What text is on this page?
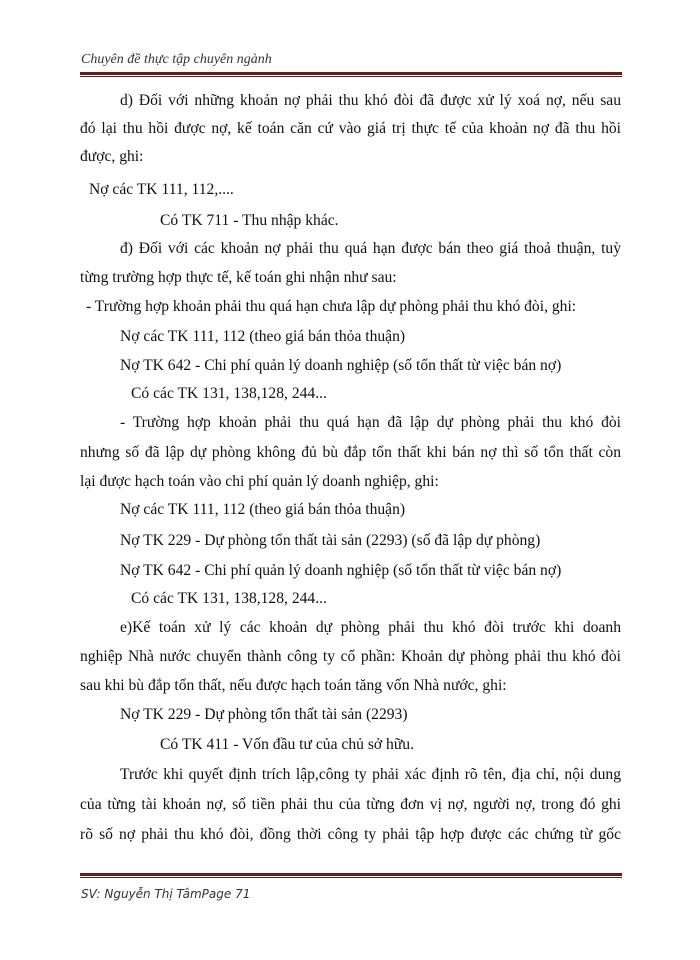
Chuyên đề thực tập chuyên ngành
d) Đối với những khoản nợ phải thu khó đòi đã được xử lý xoá nợ, nếu sau
đó lại thu hồi được nợ, kế toán căn cứ vào giá trị thực tế của khoản nợ đã thu hồi
được, ghi:
Nợ các TK 111, 112,....
Có TK 711 - Thu nhập khác.
đ) Đối với các khoản nợ phải thu quá hạn được bán theo giá thoả thuận, tuỳ
từng trường hợp thực tế, kế toán ghi nhận như sau:
- Trường hợp khoản phải thu quá hạn chưa lập dự phòng phải thu khó đòi, ghi:
Nợ các TK 111, 112 (theo giá bán thỏa thuận)
Nợ TK 642 - Chi phí quản lý doanh nghiệp (số tổn thất từ việc bán nợ)
Có các TK 131, 138,128, 244...
- Trường hợp khoản phải thu quá hạn đã lập dự phòng phải thu khó đòi
nhưng số đã lập dự phòng không đủ bù đắp tổn thất khi bán nợ thì số tổn thất còn
lại được hạch toán vào chi phí quản lý doanh nghiệp, ghi:
Nợ các TK 111, 112 (theo giá bán thỏa thuận)
Nợ TK 229 - Dự phòng tổn thất tài sản (2293) (số đã lập dự phòng)
Nợ TK 642 - Chi phí quản lý doanh nghiệp (số tổn thất từ việc bán nợ)
Có các TK 131, 138,128, 244...
e)Kế toán xử lý các khoản dự phòng phải thu khó đòi trước khi doanh
nghiệp Nhà nước chuyển thành công ty cổ phần: Khoản dự phòng phải thu khó đòi
sau khi bù đắp tổn thất, nếu được hạch toán tăng vốn Nhà nước, ghi:
Nợ TK 229 - Dự phòng tổn thất tài sản (2293)
Có TK 411 - Vốn đầu tư của chủ sở hữu.
Trước khi quyết định trích lập,công ty phải xác định rõ tên, địa chỉ, nội dung
của từng tài khoản nợ, số tiền phải thu của từng đơn vị nợ, người nợ, trong đó ghi
rõ số nợ phải thu khó đòi, đồng thời công ty phải tập hợp được các chứng từ gốc
SV: Nguyễn Thị TâmPage 71
